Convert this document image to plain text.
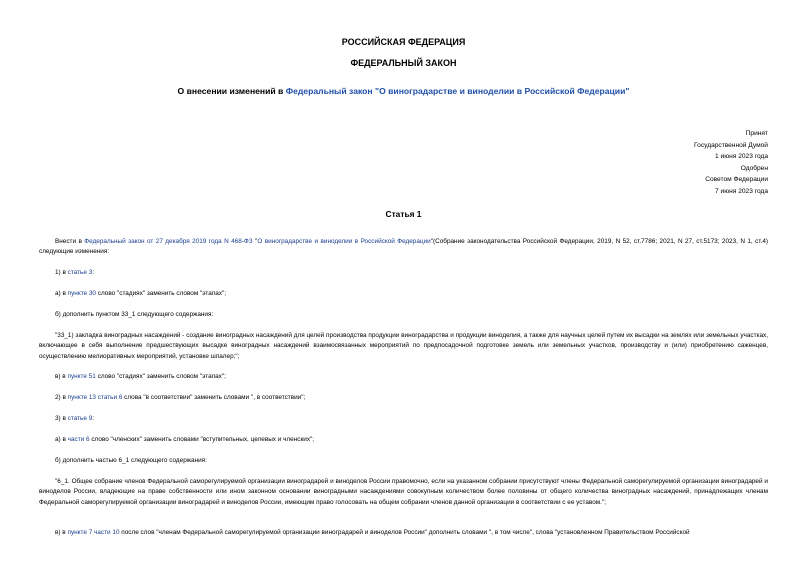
РОССИЙСКАЯ ФЕДЕРАЦИЯ
ФЕДЕРАЛЬНЫЙ ЗАКОН
О внесении изменений в Федеральный закон "О виноградарстве и виноделии в Российской Федерации"
Принят
Государственной Думой
1 июня 2023 года
Одобрен
Советом Федерации
7 июня 2023 года
Статья 1
Внести в Федеральный закон от 27 декабря 2019 года N 468-ФЗ "О виноградарстве и виноделии в Российской Федерации"(Собрание законодательства Российской Федерации, 2019, N 52, ст.7786; 2021, N 27, ст.5173; 2023, N 1, ст.4) следующие изменения:
1) в статье 3:
а) в пункте 30 слово "стадиях" заменить словом "этапах";
б) дополнить пунктом 33_1 следующего содержания:
"33_1) закладка виноградных насаждений - создание виноградных насаждений для целей производства продукции виноградарства и продукции виноделия, а также для научных целей путем их высадки на землях или земельных участках, включающее в себя выполнение предшествующих высадке виноградных насаждений взаимосвязанных мероприятий по предпосадочной подготовке земель или земельных участков, производству и (или) приобретению саженцев, осуществлению мелиоративных мероприятий, установке шпалер;";
в) в пункте 51 слово "стадиях" заменить словом "этапах";
2) в пункте 13 статьи 6 слова "в соответствии" заменить словами ", в соответствии";
3) в статье 9:
а) в части 6 слово "членских" заменить словами "вступительных, целевых и членских";
б) дополнить частью 6_1 следующего содержания:
"6_1. Общее собрание членов Федеральной саморегулируемой организации виноградарей и виноделов России правомочно, если на указанном собрании присутствуют члены Федеральной саморегулируемой организации виноградарей и виноделов России, владеющие на праве собственности или ином законном основании виноградными насаждениями совокупным количеством более половины от общего количества виноградных насаждений, принадлежащих членам Федеральной саморегулируемой организации виноградарей и виноделов России, имеющим право голосовать на общем собрании членов данной организации в соответствии с ее уставом.";
в) в пункте 7 части 10 после слов "членам Федеральной саморегулируемой организации виноградарей и виноделов России" дополнить словами ", в том числе", слова "установленном Правительством Российской
